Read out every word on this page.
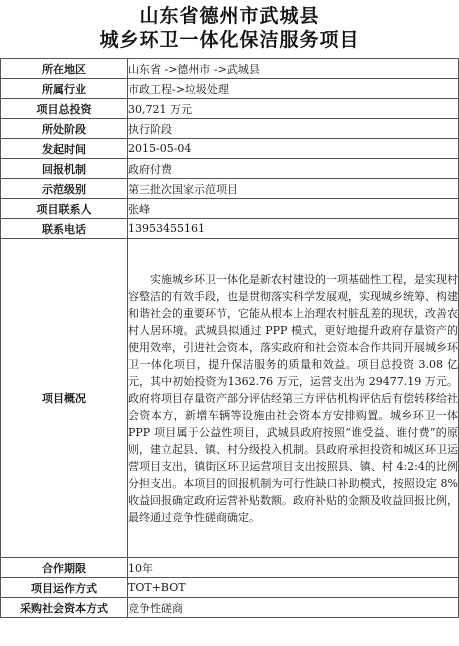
山东省德州市武城县
城乡环卫一体化保洁服务项目
所在地区	山东省 ->德州市 ->武城县
所属行业	市政工程->垃圾处理
项目总投资	30,721 万元
所处阶段	执行阶段
发起时间	2015-05-04
回报机制	政府付费
示范级别	第三批次国家示范项目
项目联系人	张峰
联系电话	13953455161
项目概况	实施城乡环卫一体化是新农村建设的一项基础性工程，是实现村容整洁的有效手段，也是贯彻落实科学发展观，实现城乡统筹、构建和谐社会的重要环节，它能从根本上治理农村脏乱差的现状，改善农村人居环境。武城县拟通过 PPP 模式，更好地提升政府存量资产的使用效率，引进社会资本，落实政府和社会资本合作共同开展城乡环卫一体化项目，提升保洁服务的质量和效益。项目总投资 3.08 亿元，其中初始投资为1362.76 万元，运营支出为 29477.19 万元。政府将项目存量资产部分评估经第三方评估机构评估后有偿转移给社会资本方，新增车辆等设施由社会资本方安排购置。城乡环卫一体 PPP 项目属于公益性项目，武城县政府按照“谁受益、谁付费”的原则，建立起县、镇、村分级投入机制。县政府承担投资和城区环卫运营项目支出，镇街区环卫运营项目支出按照县、镇、村 4:2:4的比例分担支出。本项目的回报机制为可行性缺口补助模式，按照设定 8%收益回报确定政府运营补贴数额。政府补贴的金额及收益回报比例，最终通过竞争性磋商确定。
合作期限	10年
项目运作方式	TOT+BOT
采购社会资本方式	竞争性磋商
